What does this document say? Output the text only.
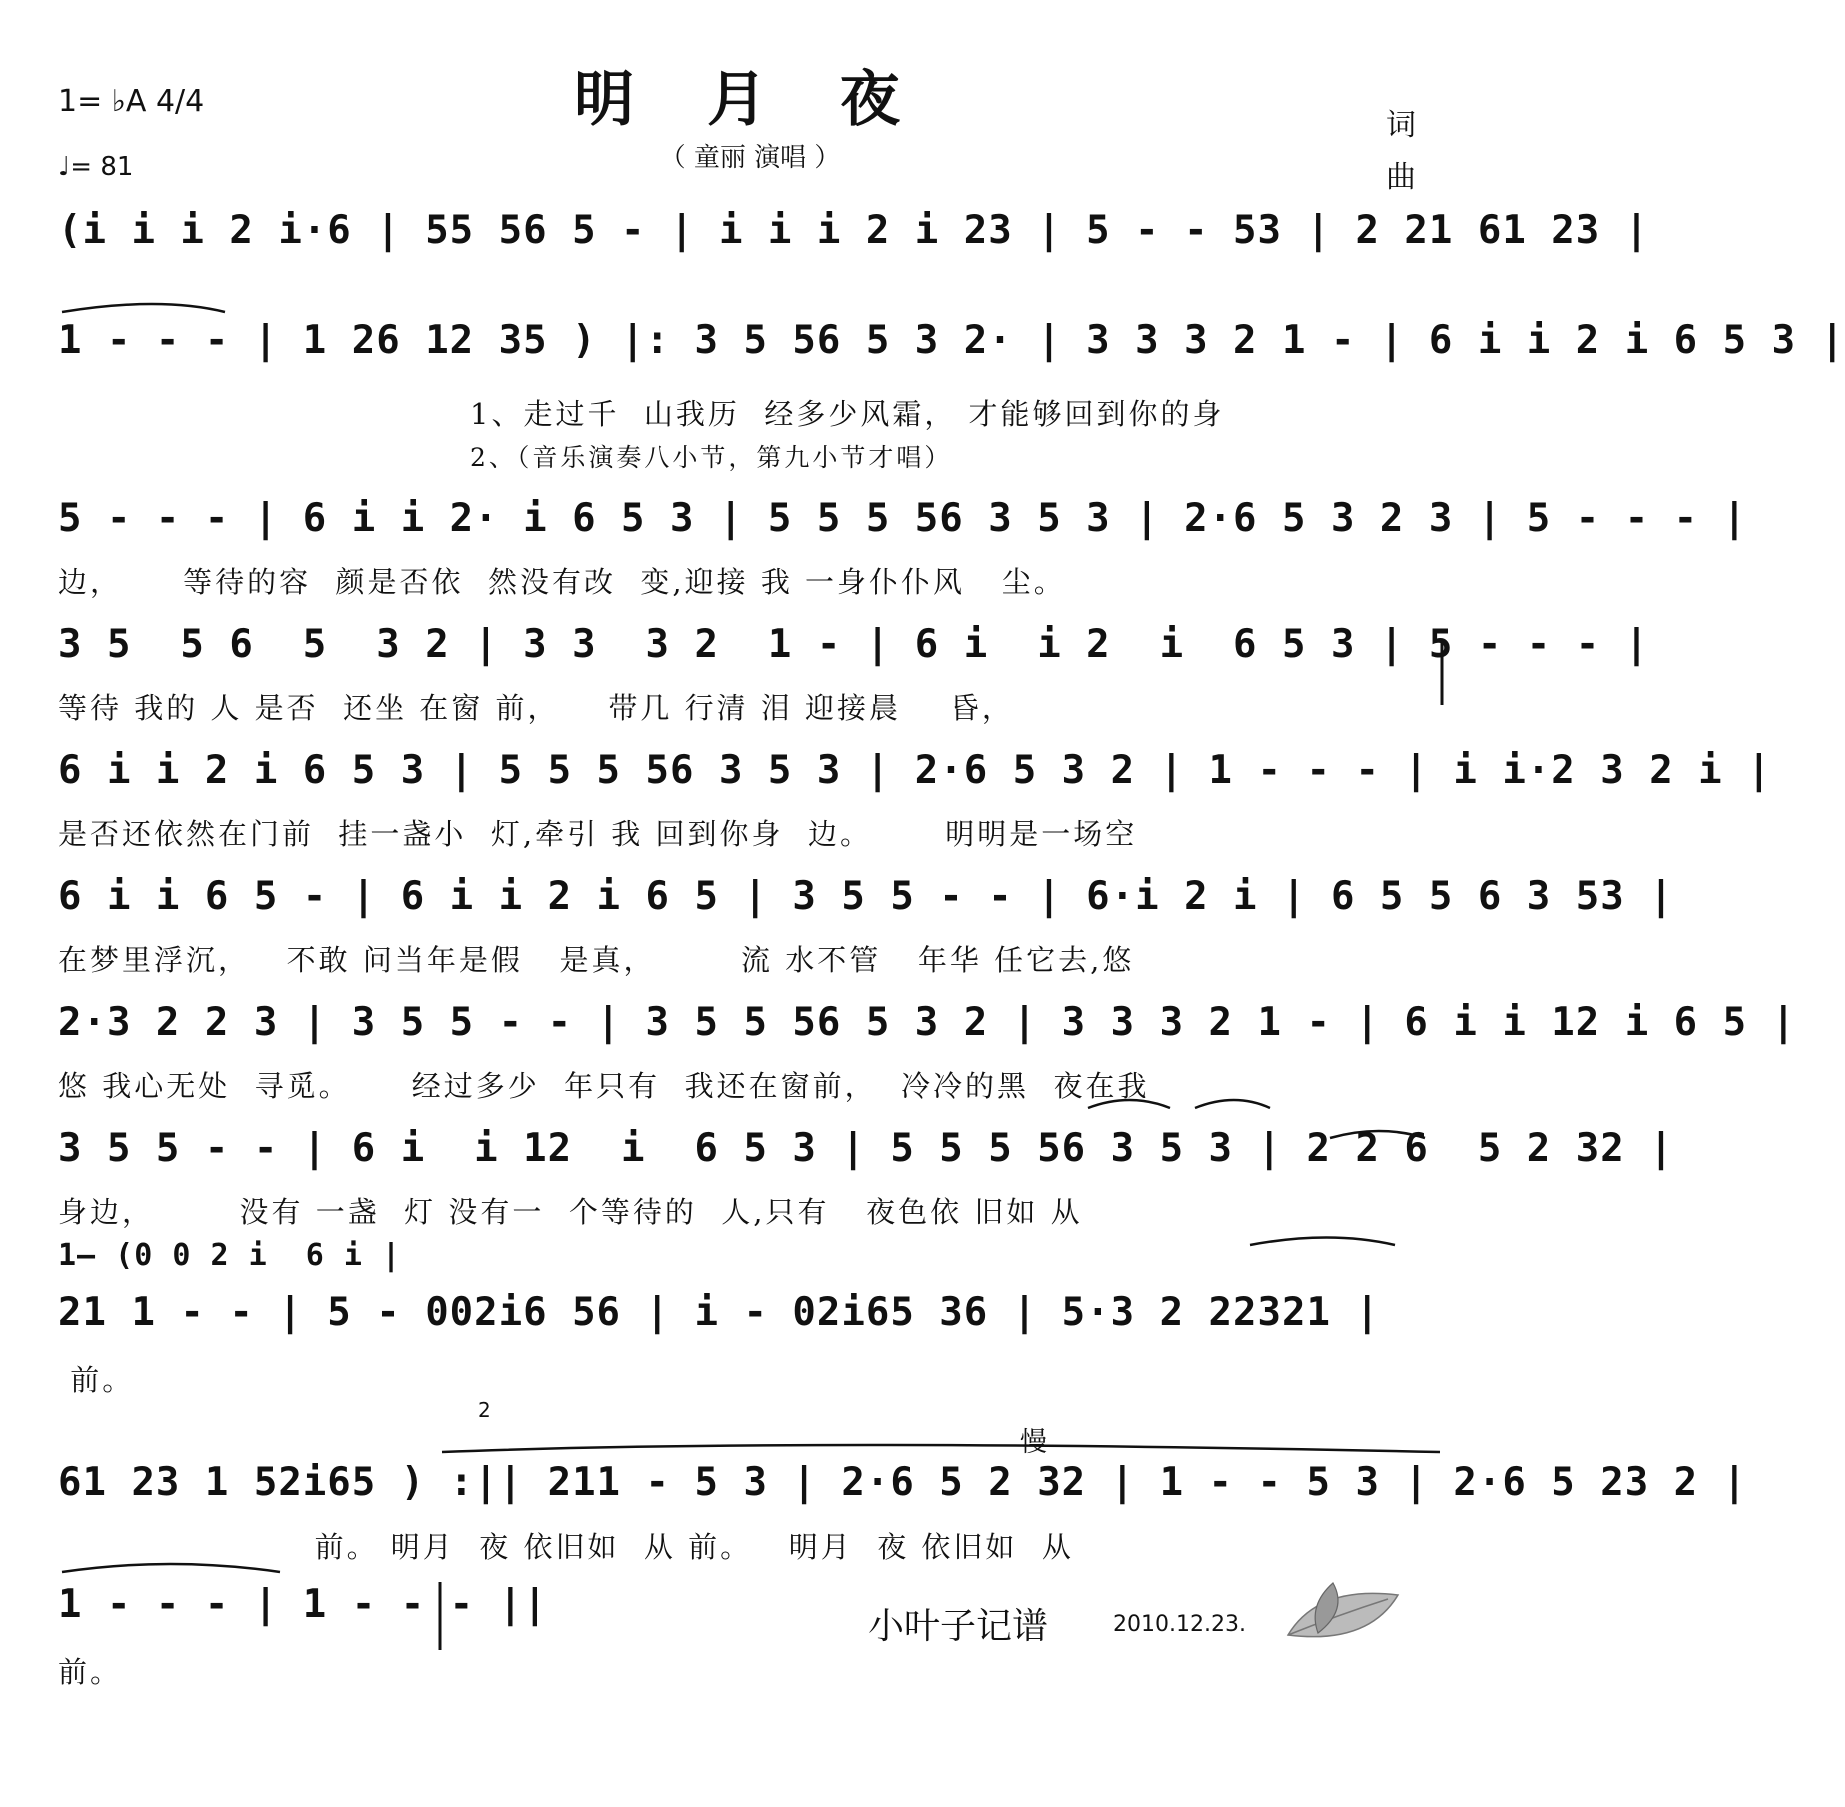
明 月 夜
（ 童丽 演唱 ）
1= ♭A 4/4
♩= 81
词
曲
(i i i 2 i·6 | 55 56 5 - | i i i 2 i 23 | 5 - - 53 | 2 21 61 23 |
1 - - - | 1 26 12 35 ) |: 3 5 56 5 3 2· | 3 3 3 2 1 - | 6 i i 2 i 6 5 3 |
1、走过千  山我历  经多少风霜， 才能够回到你的身
2、（音乐演奏八小节，第九小节才唱）
5 - - - | 6 i i 2· i 6 5 3 | 5 5 5 56 3 5 3 | 2·6 5 3 2 3 | 5 - - - |
边，     等待的容  颜是否依  然没有改  变,迎接 我 一身仆仆风   尘。
3 5  5 6  5  3 2 | 3 3  3 2  1 - | 6 i  i 2  i  6 5 3 | 5 - - - |
等待 我的 人 是否  还坐 在窗 前，    带几 行清 泪 迎接晨    昏，
6 i i 2 i 6 5 3 | 5 5 5 56 3 5 3 | 2·6 5 3 2 | 1 - - - | i i·2 3 2 i |
是否还依然在门前  挂一盏小  灯,牵引 我 回到你身  边。      明明是一场空
6 i i 6 5 - | 6 i i 2 i 6 5 | 3 5 5 - - | 6·i 2 i | 6 5 5 6 3 53 |
在梦里浮沉，   不敢 问当年是假   是真，       流 水不管   年华 任它去,悠
2·3 2 2 3 | 3 5 5 - - | 3 5 5 56 5 3 2 | 3 3 3 2 1 - | 6 i i 12 i 6 5 |
悠 我心无处  寻觅。     经过多少  年只有  我还在窗前，  冷冷的黑  夜在我
3 5 5 - - | 6 i  i 12  i  6 5 3 | 5 5 5 56 3 5 3 | 2 2 6  5 2 32 |
身边，       没有 一盏  灯 没有一  个等待的  人,只有   夜色依 旧如 从
1— (0 0 2 i  6 i |
21 1 - - | 5 - 002i6 56 | i - 02i65 36 | 5·3 2 22321 |
前。
2
慢
61 23 1 52i65 ) :|| 211 - 5 3 | 2·6 5 2 32 | 1 - - 5 3 | 2·6 5 23 2 |
前。 明月  夜 依旧如  从 前。   明月  夜 依旧如  从
1 - - - | 1 - - - ||
前。
小叶子记谱	2010.12.23.
